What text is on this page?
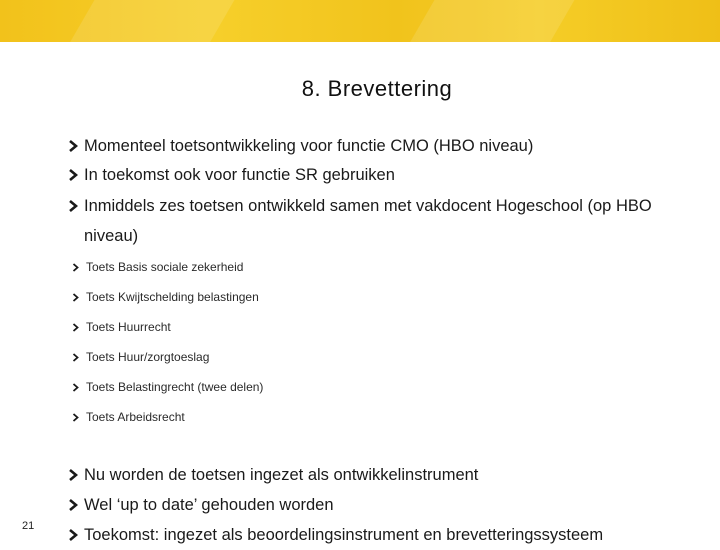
8. Brevettering
Momenteel toetsontwikkeling voor functie CMO (HBO niveau)
In toekomst ook voor functie SR gebruiken
Inmiddels zes toetsen ontwikkeld samen met vakdocent Hogeschool (op HBO niveau)
Toets Basis sociale zekerheid
Toets Kwijtschelding belastingen
Toets Huurrecht
Toets Huur/zorgtoeslag
Toets Belastingrecht (twee delen)
Toets Arbeidsrecht
Nu worden de toetsen ingezet als ontwikkelinstrument
Wel ‘up to date’ gehouden worden
Toekomst: ingezet als beoordelingsinstrument en brevetteringssysteem
21
